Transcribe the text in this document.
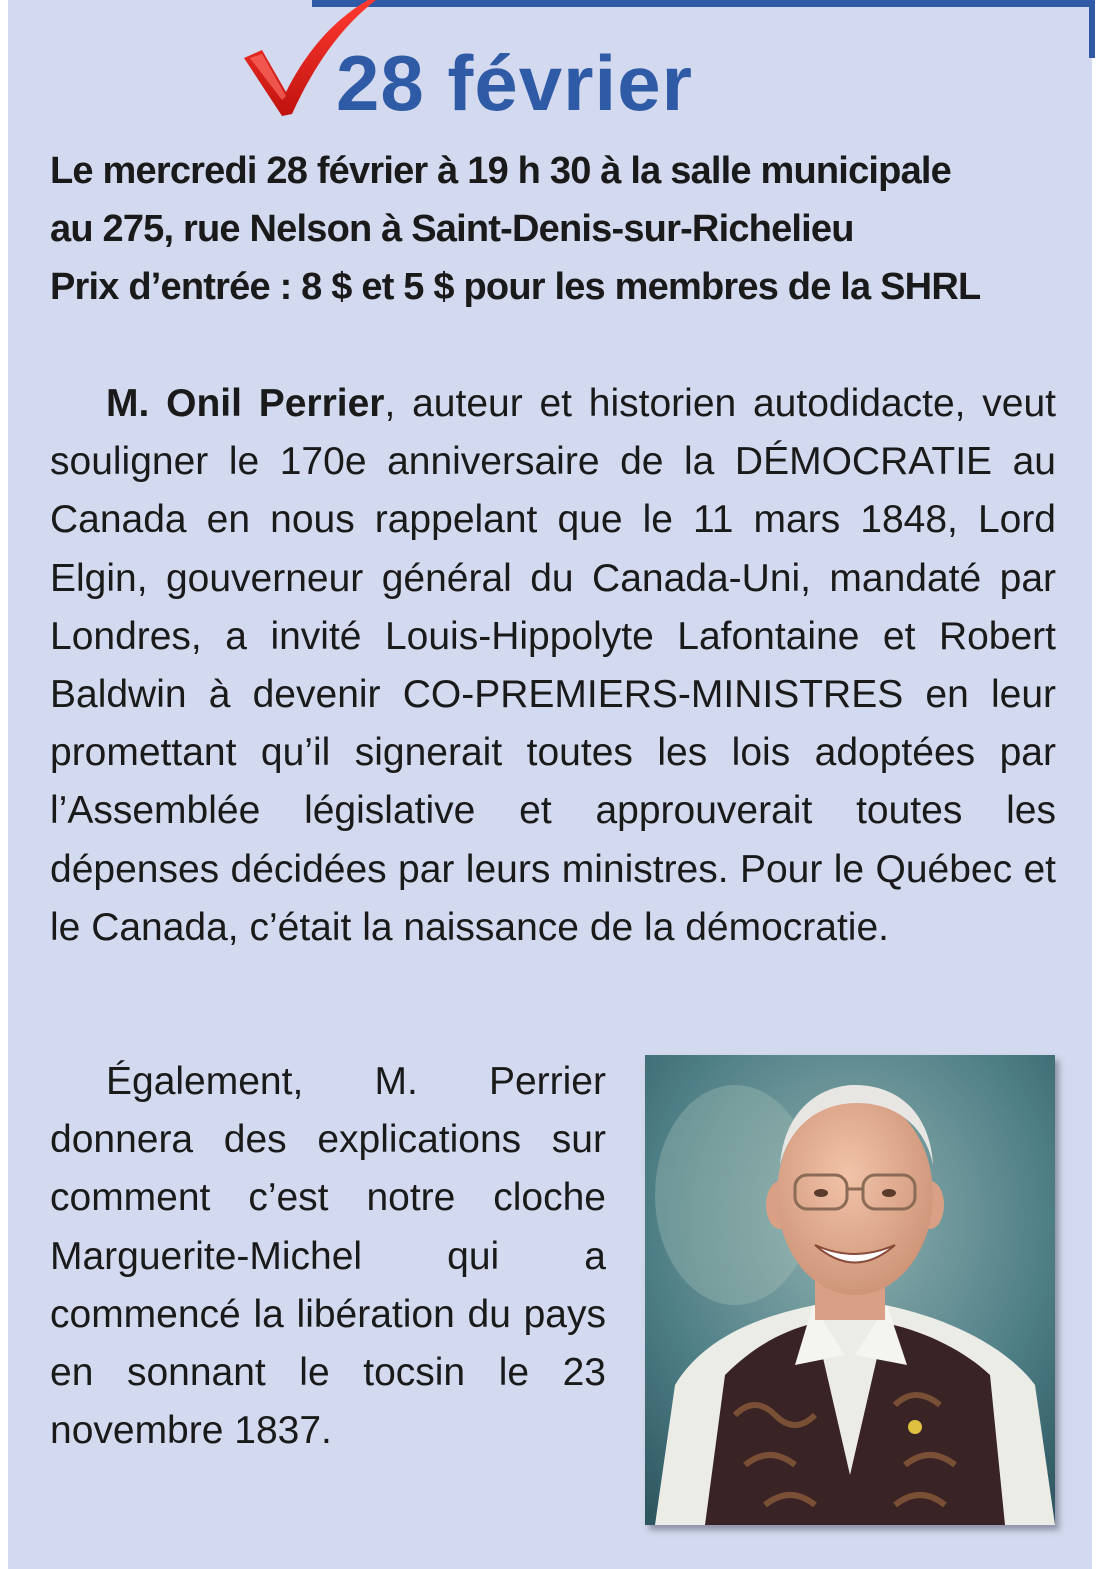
28 février
Le mercredi 28 février à 19 h 30 à la salle municipale
au 275, rue Nelson à Saint-Denis-sur-Richelieu
Prix d’entrée : 8 $ et 5 $ pour les membres de la SHRL

M. Onil Perrier, auteur et historien autodidacte, veut souligner le 170e anniversaire de la DÉMOCRATIE au Canada en nous rappelant que le 11 mars 1848, Lord Elgin, gouverneur général du Canada-Uni, mandaté par Londres, a invité Louis-Hippolyte Lafontaine et Robert Baldwin à devenir CO-PREMIERS-MINISTRES en leur promettant qu’il signerait toutes les lois adoptées par l’Assemblée législative et approuverait toutes les dépenses décidées par leurs ministres. Pour le Québec et le Canada, c’était la naissance de la démocratie.

Également, M. Perrier donnera des explications sur comment c’est notre cloche Marguerite-Michel qui a commencé la libération du pays en sonnant le tocsin le 23 novembre 1837.
